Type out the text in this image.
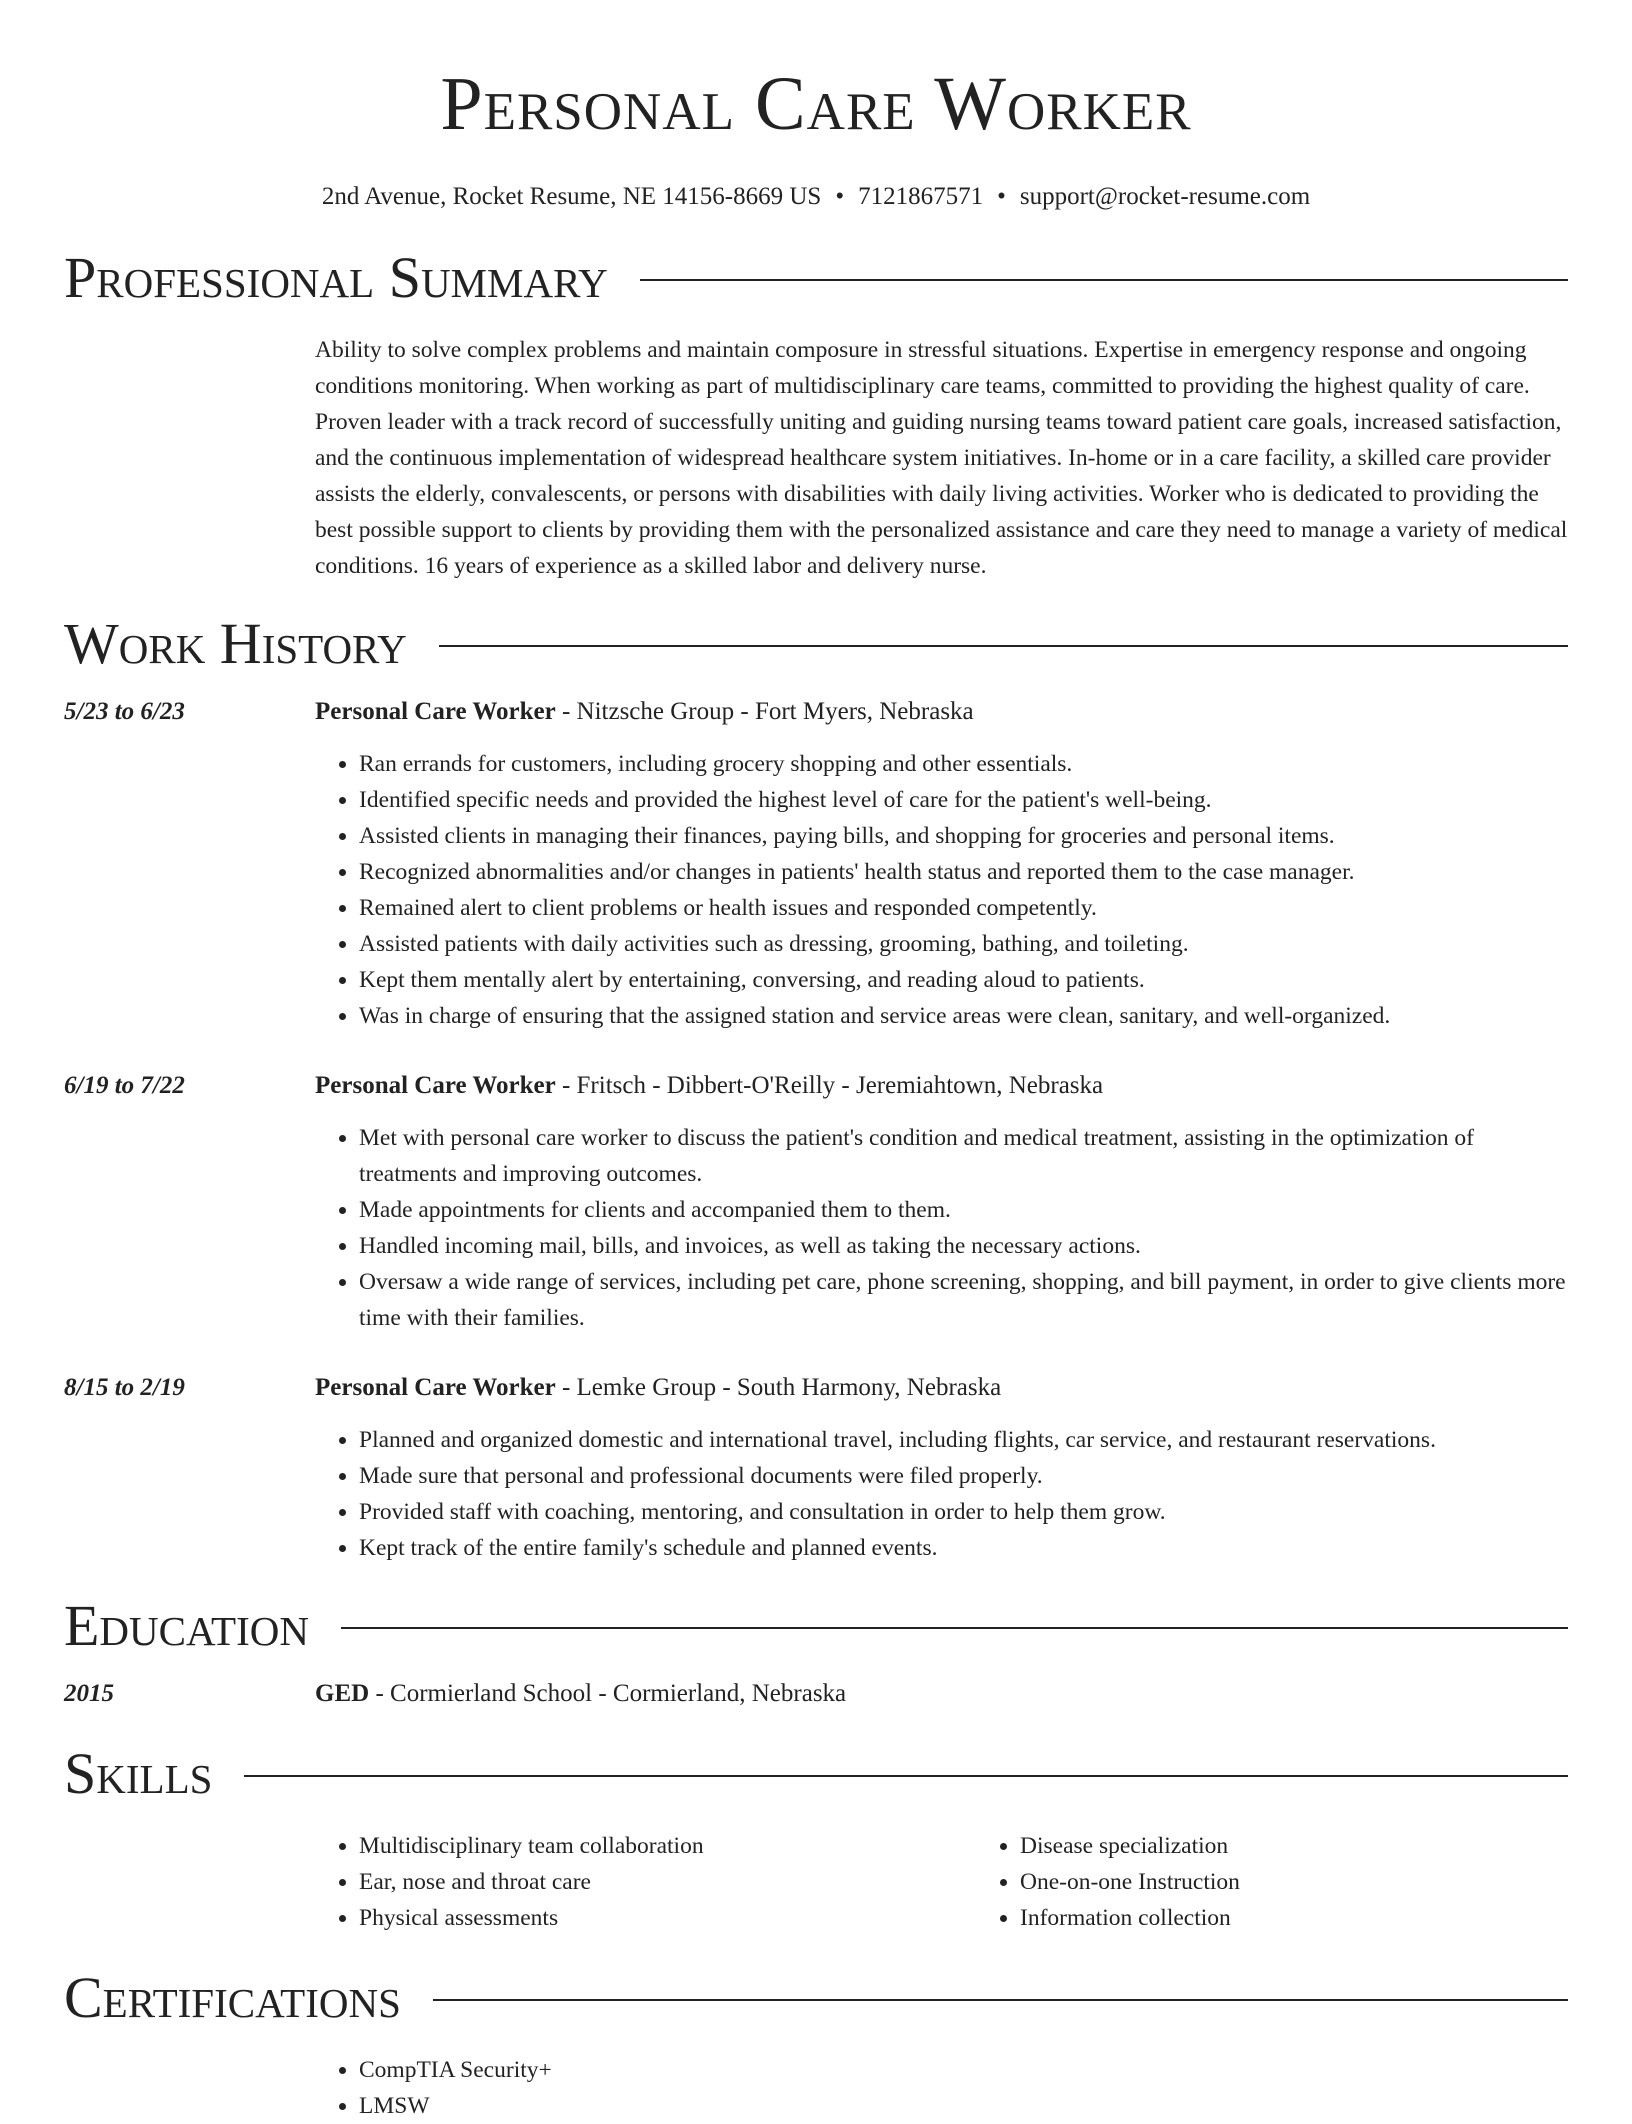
Personal Care Worker
2nd Avenue, Rocket Resume, NE 14156-8669 US • 7121867571 • support@rocket-resume.com
Professional Summary
Ability to solve complex problems and maintain composure in stressful situations. Expertise in emergency response and ongoing conditions monitoring. When working as part of multidisciplinary care teams, committed to providing the highest quality of care. Proven leader with a track record of successfully uniting and guiding nursing teams toward patient care goals, increased satisfaction, and the continuous implementation of widespread healthcare system initiatives. In-home or in a care facility, a skilled care provider assists the elderly, convalescents, or persons with disabilities with daily living activities. Worker who is dedicated to providing the best possible support to clients by providing them with the personalized assistance and care they need to manage a variety of medical conditions. 16 years of experience as a skilled labor and delivery nurse.
Work History
5/23 to 6/23	Personal Care Worker - Nitzsche Group - Fort Myers, Nebraska
• Ran errands for customers, including grocery shopping and other essentials.
• Identified specific needs and provided the highest level of care for the patient's well-being.
• Assisted clients in managing their finances, paying bills, and shopping for groceries and personal items.
• Recognized abnormalities and/or changes in patients' health status and reported them to the case manager.
• Remained alert to client problems or health issues and responded competently.
• Assisted patients with daily activities such as dressing, grooming, bathing, and toileting.
• Kept them mentally alert by entertaining, conversing, and reading aloud to patients.
• Was in charge of ensuring that the assigned station and service areas were clean, sanitary, and well-organized.
6/19 to 7/22	Personal Care Worker - Fritsch - Dibbert-O'Reilly - Jeremiahtown, Nebraska
• Met with personal care worker to discuss the patient's condition and medical treatment, assisting in the optimization of treatments and improving outcomes.
• Made appointments for clients and accompanied them to them.
• Handled incoming mail, bills, and invoices, as well as taking the necessary actions.
• Oversaw a wide range of services, including pet care, phone screening, shopping, and bill payment, in order to give clients more time with their families.
8/15 to 2/19	Personal Care Worker - Lemke Group - South Harmony, Nebraska
• Planned and organized domestic and international travel, including flights, car service, and restaurant reservations.
• Made sure that personal and professional documents were filed properly.
• Provided staff with coaching, mentoring, and consultation in order to help them grow.
• Kept track of the entire family's schedule and planned events.
Education
2015	GED - Cormierland School - Cormierland, Nebraska
Skills
• Multidisciplinary team collaboration
• Ear, nose and throat care
• Physical assessments
• Disease specialization
• One-on-one Instruction
• Information collection
Certifications
• CompTIA Security+
• LMSW
